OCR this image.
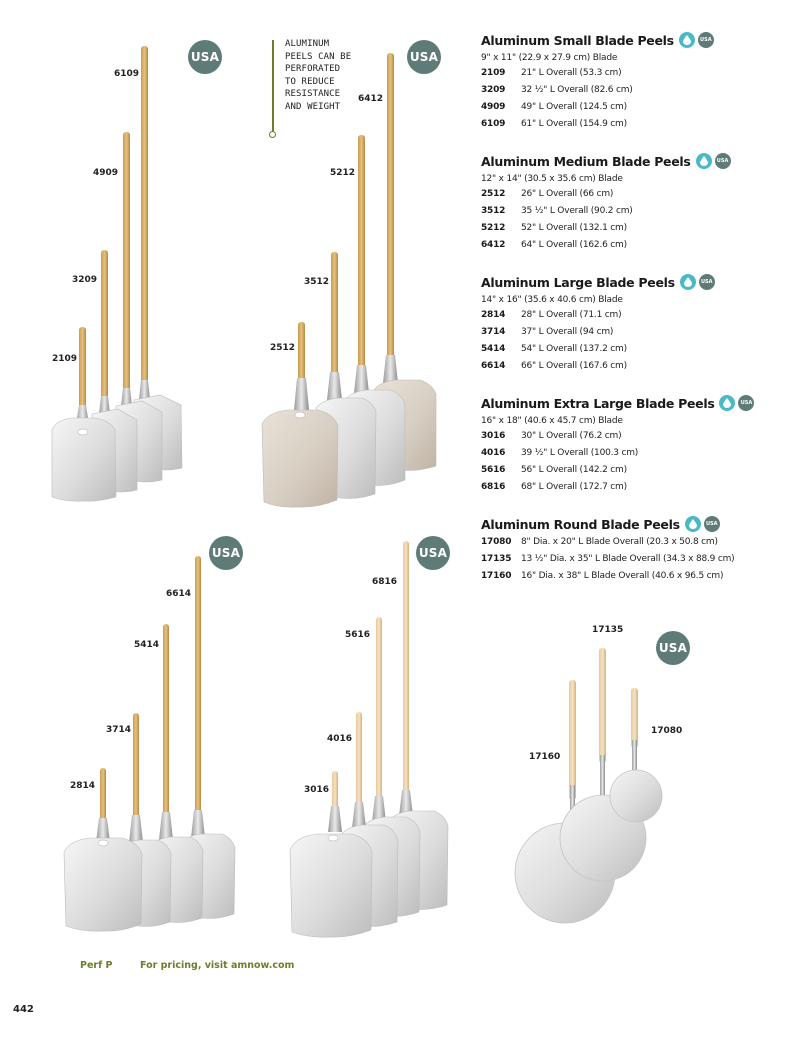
USA	USA
USA	USA
USA
ALUMINUM
PEELS CAN BE
PERFORATED
TO REDUCE
RESISTANCE
AND WEIGHT
6109
4909
3209
2109
6412
5212
3512
2512
6614
5414
3714
2814
6816
5616
4016
3016
17135
17080
17160
Aluminum Small Blade Peels	USA
9" x 11" (22.9 x 27.9 cm) Blade
2109	21" L Overall (53.3 cm)
3209	32 ½" L Overall (82.6 cm)
4909	49" L Overall (124.5 cm)
6109	61" L Overall (154.9 cm)
Aluminum Medium Blade Peels	USA
12" x 14" (30.5 x 35.6 cm) Blade
2512	26" L Overall (66 cm)
3512	35 ½" L Overall (90.2 cm)
5212	52" L Overall (132.1 cm)
6412	64" L Overall (162.6 cm)
Aluminum Large Blade Peels	USA
14" x 16" (35.6 x 40.6 cm) Blade
2814	28" L Overall (71.1 cm)
3714	37" L Overall (94 cm)
5414	54" L Overall (137.2 cm)
6614	66" L Overall (167.6 cm)
Aluminum Extra Large Blade Peels	USA
16" x 18" (40.6 x 45.7 cm) Blade
3016	30" L Overall (76.2 cm)
4016	39 ½" L Overall (100.3 cm)
5616	56" L Overall (142.2 cm)
6816	68" L Overall (172.7 cm)
Aluminum Round Blade Peels	USA
17080	8" Dia. x 20" L Blade Overall (20.3 x 50.8 cm)
17135	13 ½" Dia. x 35" L Blade Overall (34.3 x 88.9 cm)
17160	16" Dia. x 38" L Blade Overall (40.6 x 96.5 cm)
Perf P	For pricing, visit amnow.com
442
